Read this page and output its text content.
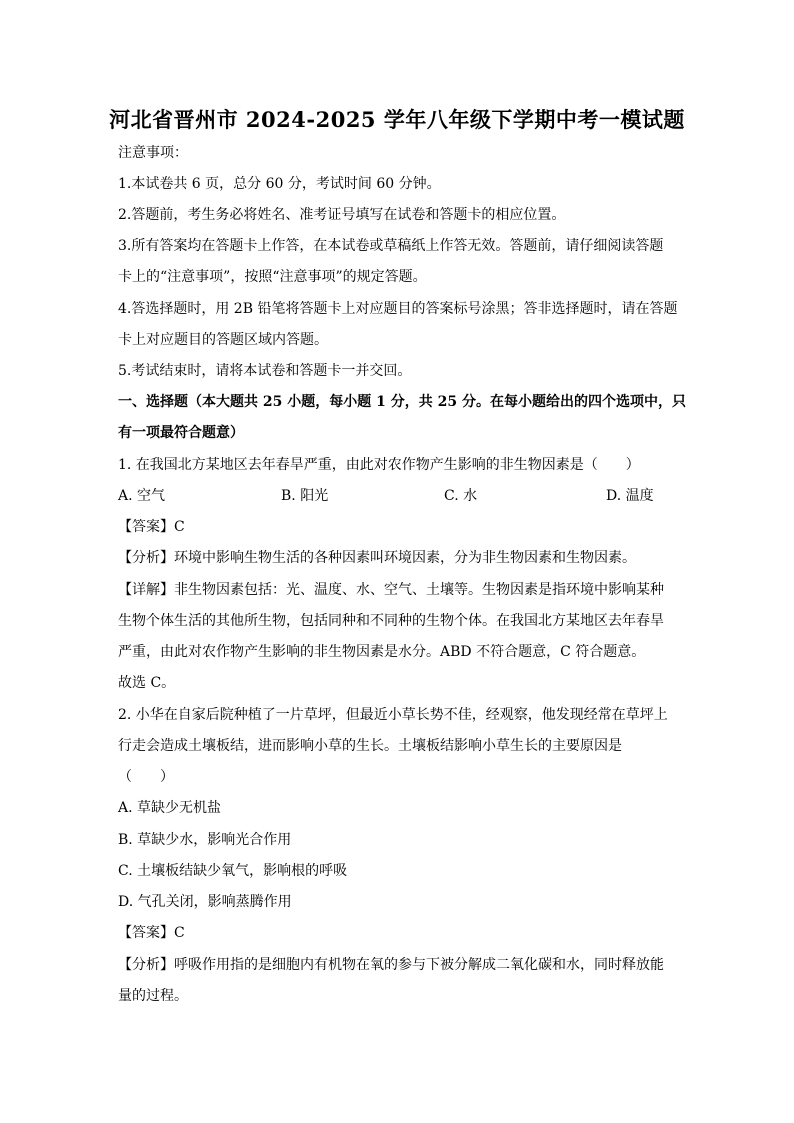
河北省晋州市 2024-2025 学年八年级下学期中考一模试题
注意事项：
1.本试卷共 6 页，总分 60 分，考试时间 60 分钟。
2.答题前，考生务必将姓名、准考证号填写在试卷和答题卡的相应位置。
3.所有答案均在答题卡上作答，在本试卷或草稿纸上作答无效。答题前，请仔细阅读答题
卡上的“注意事项”，按照“注意事项”的规定答题。
4.答选择题时，用 2B 铅笔将答题卡上对应题目的答案标号涂黑；答非选择题时，请在答题
卡上对应题目的答题区域内答题。
5.考试结束时，请将本试卷和答题卡一并交回。
一、选择题（本大题共 25 小题，每小题 1 分，共 25 分。在每小题给出的四个选项中，只
有一项最符合题意）
1. 在我国北方某地区去年春旱严重，由此对农作物产生影响的非生物因素是（　　）
A. 空气	B. 阳光	C. 水	D. 温度
【答案】C
【分析】环境中影响生物生活的各种因素叫环境因素，分为非生物因素和生物因素。
【详解】非生物因素包括：光、温度、水、空气、土壤等。生物因素是指环境中影响某种
生物个体生活的其他所生物，包括同种和不同种的生物个体。在我国北方某地区去年春旱
严重，由此对农作物产生影响的非生物因素是水分。ABD 不符合题意，C 符合题意。
故选 C。
2. 小华在自家后院种植了一片草坪，但最近小草长势不佳，经观察，他发现经常在草坪上
行走会造成土壤板结，进而影响小草的生长。土壤板结影响小草生长的主要原因是
（　　）
A. 草缺少无机盐
B. 草缺少水，影响光合作用
C. 土壤板结缺少氧气，影响根的呼吸
D. 气孔关闭，影响蒸腾作用
【答案】C
【分析】呼吸作用指的是细胞内有机物在氧的参与下被分解成二氧化碳和水，同时释放能
量的过程。
